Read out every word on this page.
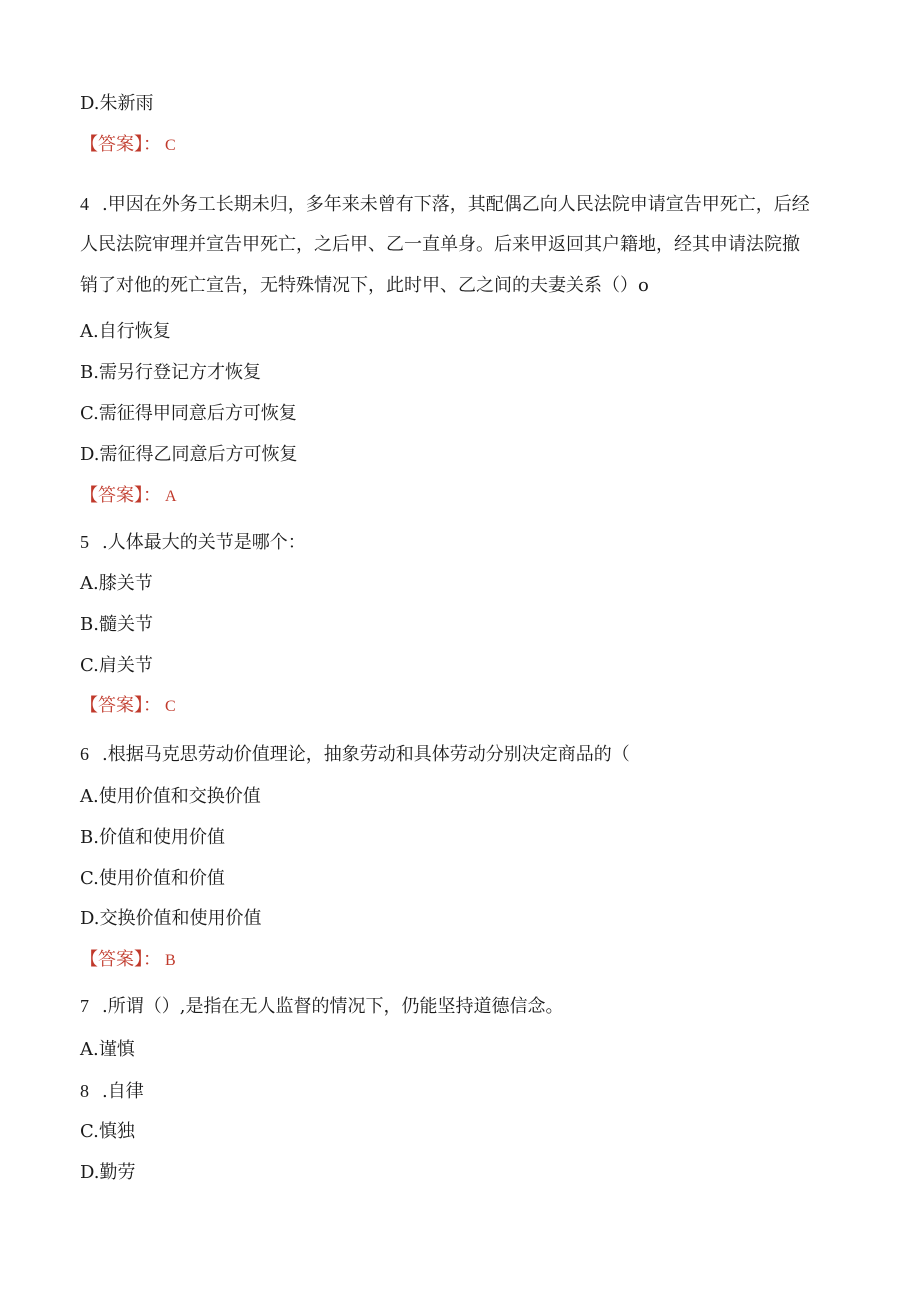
D.朱新雨
【答案】： C
4 .甲因在外务工长期未归，多年来未曾有下落，其配偶乙向人民法院申请宣告甲死亡，后经
人民法院审理并宣告甲死亡，之后甲、乙一直单身。后来甲返回其户籍地，经其申请法院撤
销了对他的死亡宣告，无特殊情况下，此时甲、乙之间的夫妻关系（）o
A.自行恢复
B.需另行登记方才恢复
C.需征得甲同意后方可恢复
D.需征得乙同意后方可恢复
【答案】： A
5 .人体最大的关节是哪个：
A.膝关节
B.髓关节
C.肩关节
【答案】： C
6 .根据马克思劳动价值理论，抽象劳动和具体劳动分别决定商品的（
A.使用价值和交换价值
B.价值和使用价值
C.使用价值和价值
D.交换价值和使用价值
【答案】： B
7 .所谓（）,是指在无人监督的情况下，仍能坚持道德信念。
A.谨慎
8 .自律
C.慎独
D.勤劳
